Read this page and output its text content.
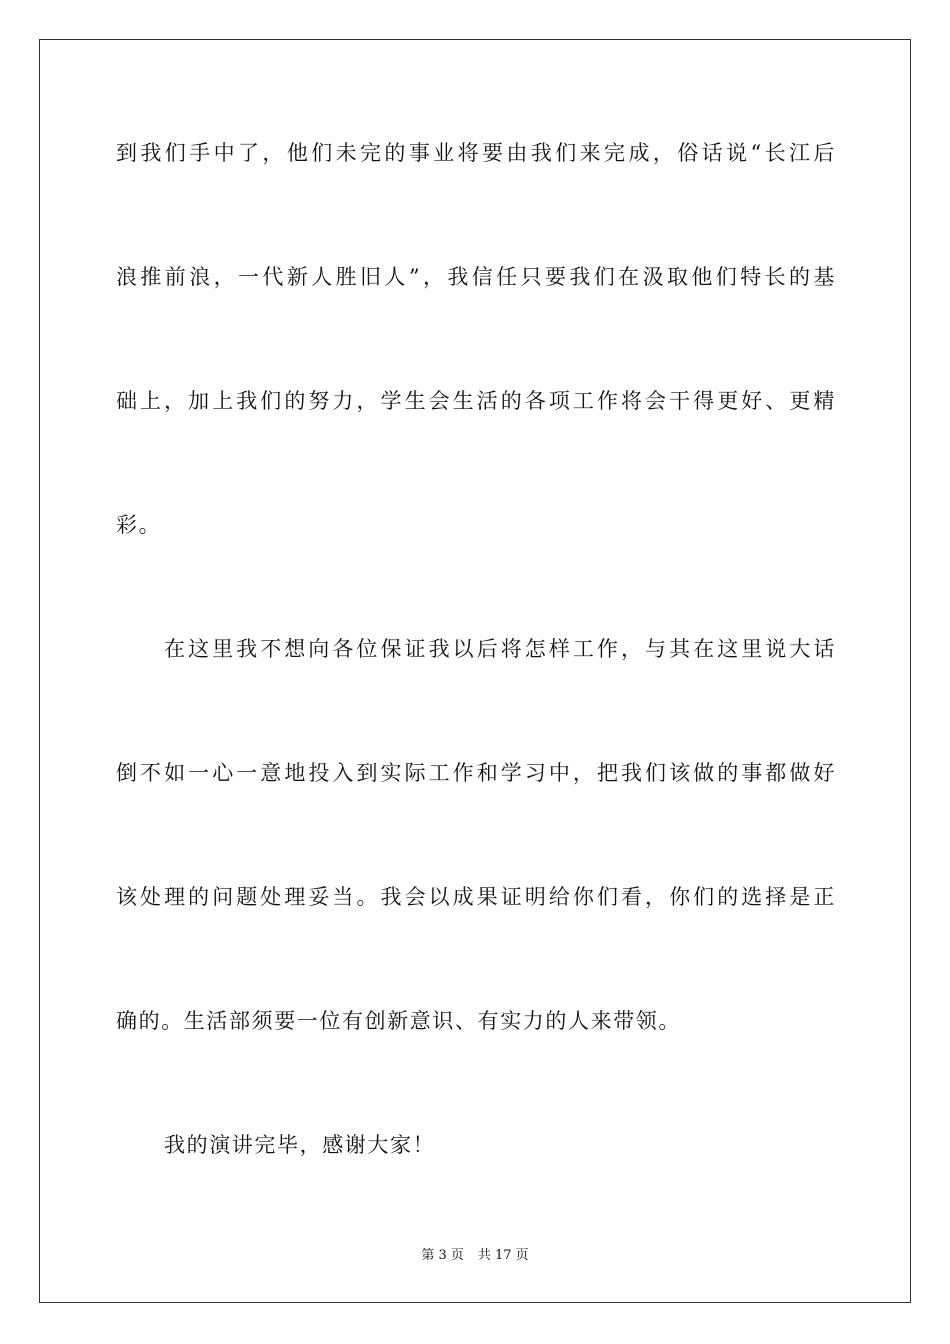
到我们手中了，他们未完的事业将要由我们来完成，俗话说“长江后
浪推前浪，一代新人胜旧人”，我信任只要我们在汲取他们特长的基
础上，加上我们的努力，学生会生活的各项工作将会干得更好、更精
彩。
在这里我不想向各位保证我以后将怎样工作，与其在这里说大话
倒不如一心一意地投入到实际工作和学习中，把我们该做的事都做好
该处理的问题处理妥当。我会以成果证明给你们看，你们的选择是正
确的。生活部须要一位有创新意识、有实力的人来带领。
我的演讲完毕，感谢大家！
第 3 页 共 17 页
